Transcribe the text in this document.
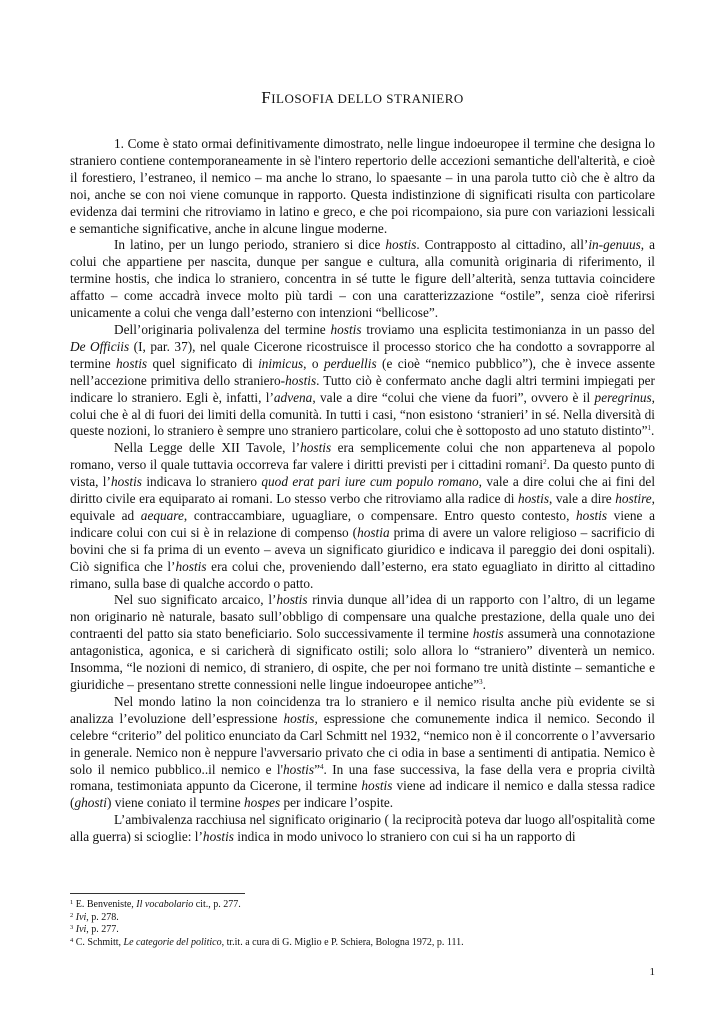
FILOSOFIA DELLO STRANIERO

1. Come è stato ormai definitivamente dimostrato, nelle lingue indoeuropee il termine che designa lo straniero contiene contemporaneamente in sè l'intero repertorio delle accezioni semantiche dell'alterità, e cioè il forestiero, l’estraneo, il nemico – ma anche lo strano, lo spaesante – in una parola tutto ciò che è altro da noi, anche se con noi viene comunque in rapporto. Questa indistinzione di significati risulta con particolare evidenza dai termini che ritroviamo in latino e greco, e che poi ricompaiono, sia pure con variazioni lessicali e semantiche significative, anche in alcune lingue moderne.

In latino, per un lungo periodo, straniero si dice hostis. Contrapposto al cittadino, all’in-genuus, a colui che appartiene per nascita, dunque per sangue e cultura, alla comunità originaria di riferimento, il termine hostis, che indica lo straniero, concentra in sé tutte le figure dell’alterità, senza tuttavia coincidere affatto – come accadrà invece molto più tardi – con una caratterizzazione “ostile”, senza cioè riferirsi unicamente a colui che venga dall’esterno con intenzioni “bellicose”.

Dell’originaria polivalenza del termine hostis troviamo una esplicita testimonianza in un passo del De Officiis (I, par. 37), nel quale Cicerone ricostruisce il processo storico che ha condotto a sovrapporre al termine hostis quel significato di inimicus, o perduellis (e cioè “nemico pubblico”), che è invece assente nell’accezione primitiva dello straniero-hostis. Tutto ciò è confermato anche dagli altri termini impiegati per indicare lo straniero. Egli è, infatti, l’advena, vale a dire “colui che viene da fuori”, ovvero è il peregrinus, colui che è al di fuori dei limiti della comunità. In tutti i casi, “non esistono ‘stranieri’ in sé. Nella diversità di queste nozioni, lo straniero è sempre uno straniero particolare, colui che è sottoposto ad uno statuto distinto”$^1$.

Nella Legge delle XII Tavole, l’hostis era semplicemente colui che non apparteneva al popolo romano, verso il quale tuttavia occorreva far valere i diritti previsti per i cittadini romani$^2$. Da questo punto di vista, l’hostis indicava lo straniero quod erat pari iure cum populo romano, vale a dire colui che ai fini del diritto civile era equiparato ai romani. Lo stesso verbo che ritroviamo alla radice di hostis, vale a dire hostire, equivale ad aequare, contraccambiare, uguagliare, o compensare. Entro questo contesto, hostis viene a indicare colui con cui si è in relazione di compenso (hostia prima di avere un valore religioso – sacrificio di bovini che si fa prima di un evento – aveva un significato giuridico e indicava il pareggio dei doni ospitali). Ciò significa che l’hostis era colui che, proveniendo dall’esterno, era stato eguagliato in diritto al cittadino rimano, sulla base di qualche accordo o patto.

Nel suo significato arcaico, l’hostis rinvia dunque all’idea di un rapporto con l’altro, di un legame non originario nè naturale, basato sull’obbligo di compensare una qualche prestazione, della quale uno dei contraenti del patto sia stato beneficiario. Solo successivamente il termine hostis assumerà una connotazione antagonistica, agonica, e si caricherà di significato ostili; solo allora lo “straniero” diventerà un nemico. Insomma, “le nozioni di nemico, di straniero, di ospite, che per noi formano tre unità distinte – semantiche e giuridiche – presentano strette connessioni nelle lingue indoeuropee antiche”$^3$.

Nel mondo latino la non coincidenza tra lo straniero e il nemico risulta anche più evidente se si analizza l’evoluzione dell’espressione hostis, espressione che comunemente indica il nemico. Secondo il celebre “criterio” del politico enunciato da Carl Schmitt nel 1932, “nemico non è il concorrente o l’avversario in generale. Nemico non è neppure l'avversario privato che ci odia in base a sentimenti di antipatia. Nemico è solo il nemico pubblico..il nemico e l'hostis”$^4$. In una fase successiva, la fase della vera e propria civiltà romana, testimoniata appunto da Cicerone, il termine hostis viene ad indicare il nemico e dalla stessa radice (ghosti) viene coniato il termine hospes per indicare l’ospite.

L’ambivalenza racchiusa nel significato originario ( la reciprocità poteva dar luogo all'ospitalità come alla guerra) si scioglie: l’hostis indica in modo univoco lo straniero con cui si ha un rapporto di

$^1$ E. Benveniste, Il vocabolario cit., p. 277.
$^2$ Ivi, p. 278.
$^3$ Ivi, p. 277.
$^4$ C. Schmitt, Le categorie del politico, tr.it. a cura di G. Miglio e P. Schiera, Bologna 1972, p. 111.
1
